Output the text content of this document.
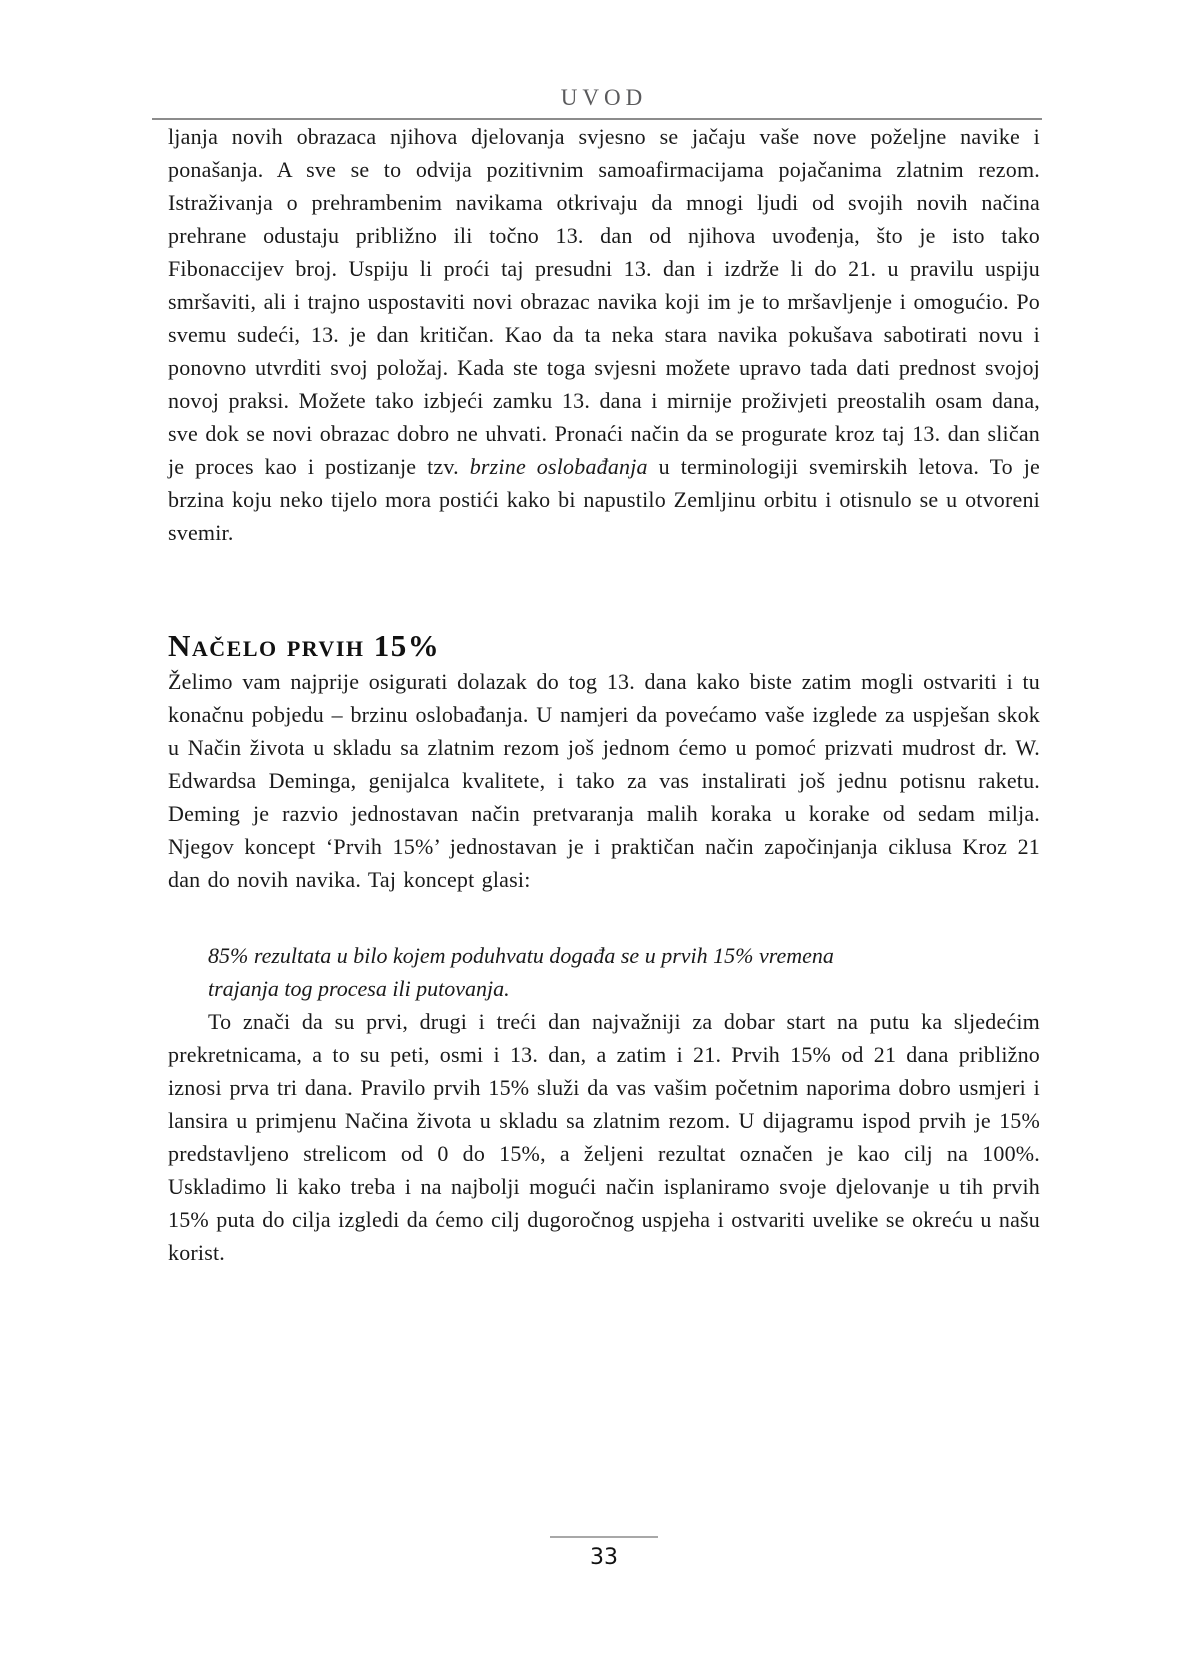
UVOD

ljanja novih obrazaca njihova djelovanja svjesno se jačaju vaše nove poželjne navike i ponašanja. A sve se to odvija pozitivnim samoafirmacijama pojačanima zlatnim rezom. Istraživanja o prehrambenim navikama otkrivaju da mnogi ljudi od svojih novih načina prehrane odustaju približno ili točno 13. dan od njihova uvođenja, što je isto tako Fibonaccijev broj. Uspiju li proći taj presudni 13. dan i izdrže li do 21. u pravilu uspiju smršaviti, ali i trajno uspostaviti novi obrazac navika koji im je to mršavljenje i omogućio. Po svemu sudeći, 13. je dan kritičan. Kao da ta neka stara navika pokušava sabotirati novu i ponovno utvrditi svoj položaj. Kada ste toga svjesni možete upravo tada dati prednost svojoj novoj praksi. Možete tako izbjeći zamku 13. dana i mirnije proživjeti preostalih osam dana, sve dok se novi obrazac dobro ne uhvati. Pronaći način da se progurate kroz taj 13. dan sličan je proces kao i postizanje tzv. brzine oslobađanja u terminologiji svemirskih letova. To je brzina koju neko tijelo mora postići kako bi napustilo Zemljinu orbitu i otisnulo se u otvoreni svemir.

Načelo prvih 15%

Želimo vam najprije osigurati dolazak do tog 13. dana kako biste zatim mogli ostvariti i tu konačnu pobjedu – brzinu oslobađanja. U namjeri da povećamo vaše izglede za uspješan skok u Način života u skladu sa zlatnim rezom još jednom ćemo u pomoć prizvati mudrost dr. W. Edwardsa Deminga, genijalca kvalitete, i tako za vas instalirati još jednu potisnu raketu. Deming je razvio jednostavan način pretvaranja malih koraka u korake od sedam milja. Njegov koncept ‘Prvih 15%’ jednostavan je i praktičan način započinjanja ciklusa Kroz 21 dan do novih navika. Taj koncept glasi:

85% rezultata u bilo kojem poduhvatu događa se u prvih 15% vremena
trajanja tog procesa ili putovanja.

To znači da su prvi, drugi i treći dan najvažniji za dobar start na putu ka sljedećim prekretnicama, a to su peti, osmi i 13. dan, a zatim i 21. Prvih 15% od 21 dana približno iznosi prva tri dana. Pravilo prvih 15% služi da vas vašim početnim naporima dobro usmjeri i lansira u primjenu Načina života u skladu sa zlatnim rezom. U dijagramu ispod prvih je 15% predstavljeno strelicom od 0 do 15%, a željeni rezultat označen je kao cilj na 100%. Uskladimo li kako treba i na najbolji mogući način isplaniramo svoje djelovanje u tih prvih 15% puta do cilja izgledi da ćemo cilj dugoročnog uspjeha i ostvariti uvelike se okreću u našu korist.

33
